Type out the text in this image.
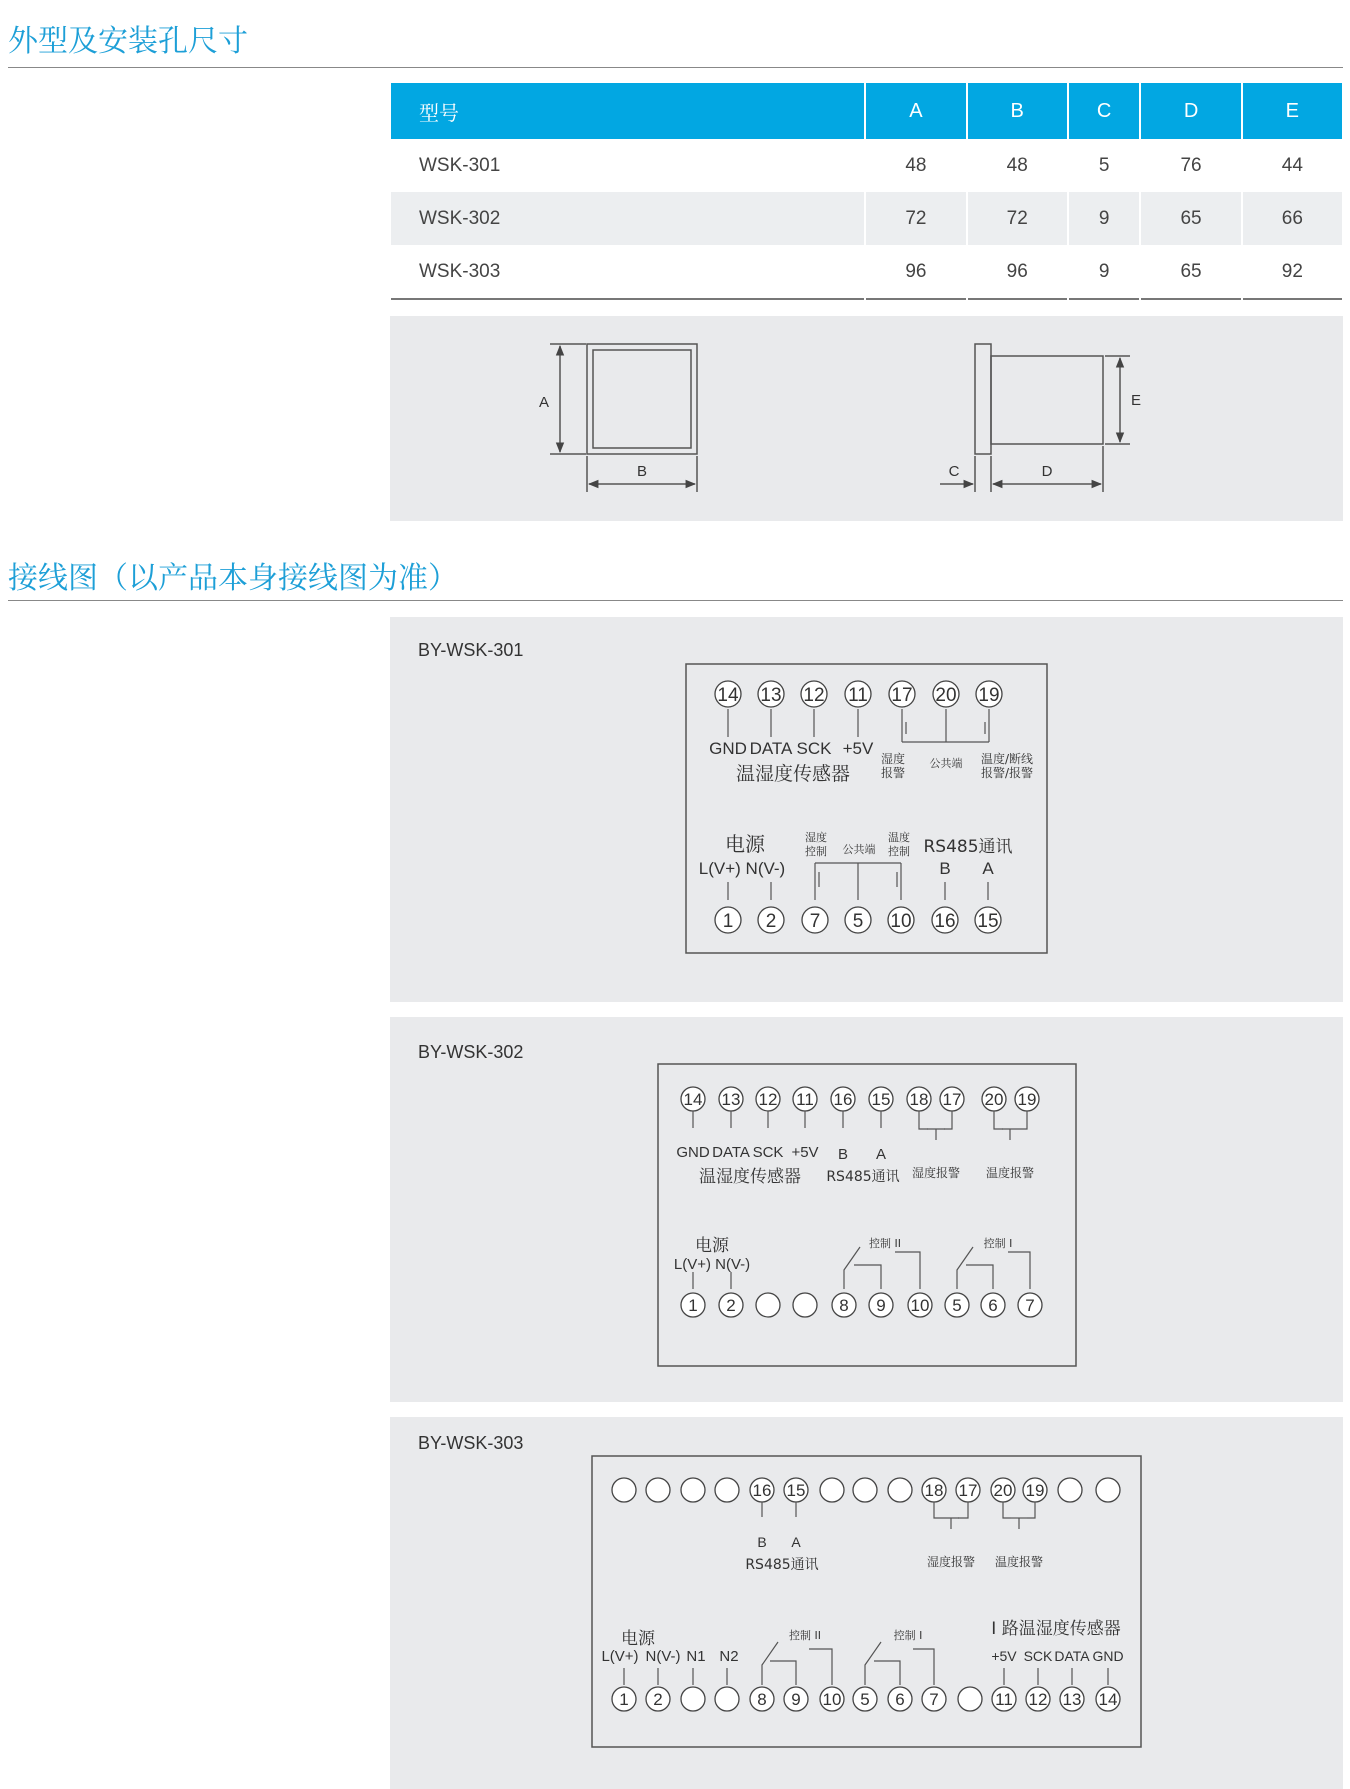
外型及安装孔尺寸
型号	A	B	C	D	E
WSK-301	48	48	5	76	44
WSK-302	72	72	9	65	66
WSK-303	96	96	9	65	92
A
B	C	D
E
接线图（以产品本身接线图为准）
BY-WSK-301
14 13 12 11 17 20 19
1 2 7 5 10 16 15
GND DATA SCK +5V
温湿度传感器
湿度
报警
公共端 温度/断线
报警/报警
电源
L(V+) N(V-)
湿度
控制 公共端
温度
控制 RS485通讯
B A
BY-WSK-302
14 13 12 11 16 15 18 17 20 19
1 2	8 9 10 5 6 7
GND DATA SCK +5V B A
温湿度传感器 RS485通讯 湿度报警 温度报警
电源
L(V+) N(V-)
控制 II	控制 I
BY-WSK-303
16 15	18 17 20 19
1 2	8 9 10 5 6 7	11 12 13 14
B A
RS485通讯	湿度报警 温度报警
I 路温湿度传感器
电源
L(V+) N(V-) N1 N2
控制 II	控制 I
+5V SCK DATA GND
